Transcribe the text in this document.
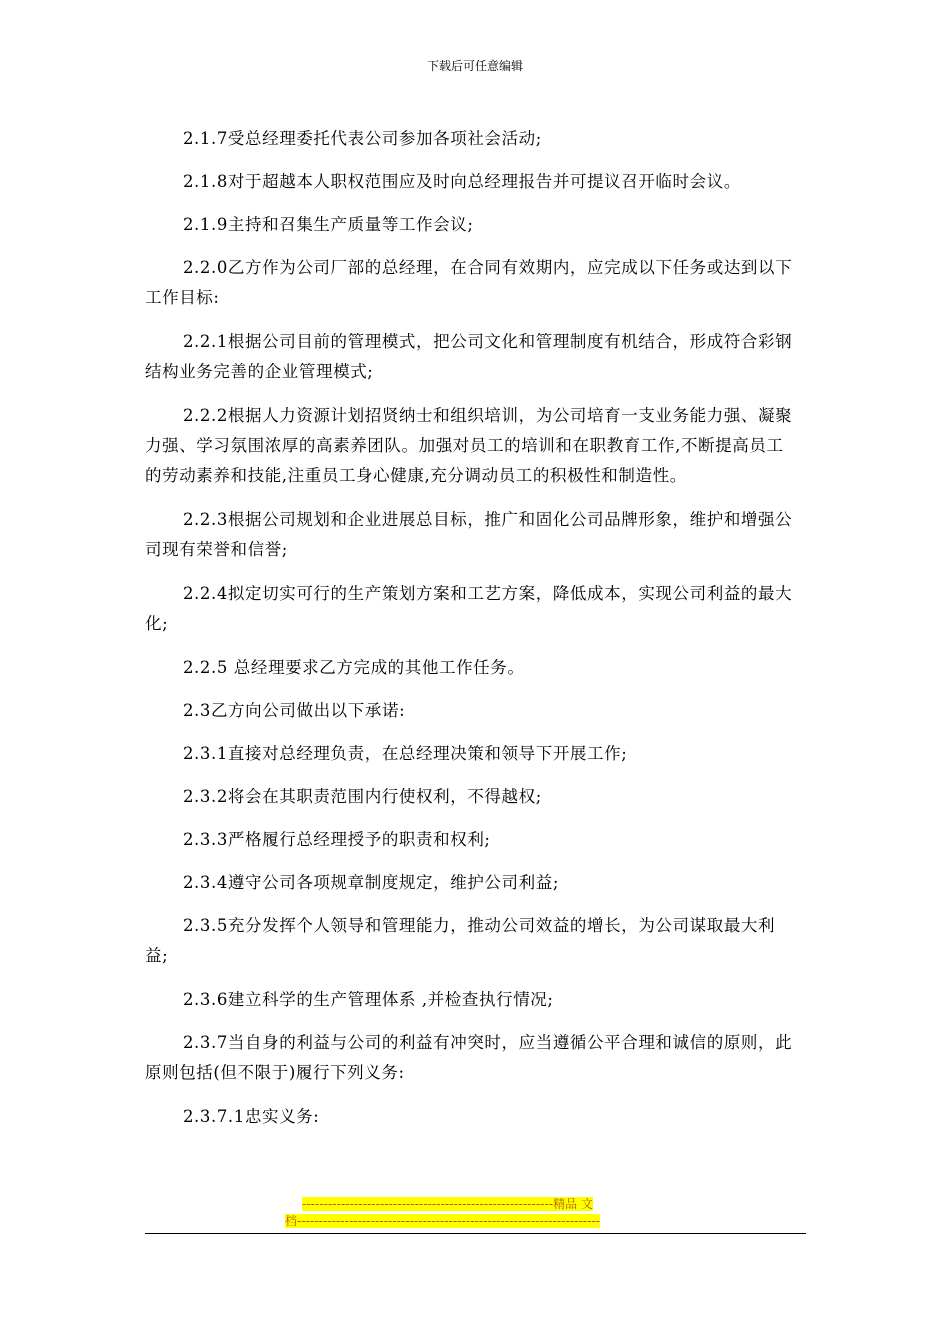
下载后可任意编辑

2.1.7受总经理委托代表公司参加各项社会活动;

2.1.8对于超越本人职权范围应及时向总经理报告并可提议召开临时会议。

2.1.9主持和召集生产质量等工作会议;

2.2.0乙方作为公司厂部的总经理，在合同有效期内，应完成以下任务或达到以下工作目标:

2.2.1根据公司目前的管理模式，把公司文化和管理制度有机结合，形成符合彩钢结构业务完善的企业管理模式;

2.2.2根据人力资源计划招贤纳士和组织培训，为公司培育一支业务能力强、凝聚力强、学习氛围浓厚的高素养团队。加强对员工的培训和在职教育工作,不断提高员工的劳动素养和技能,注重员工身心健康,充分调动员工的积极性和制造性。

2.2.3根据公司规划和企业进展总目标，推广和固化公司品牌形象，维护和增强公司现有荣誉和信誉;

2.2.4拟定切实可行的生产策划方案和工艺方案，降低成本，实现公司利益的最大化;

2.2.5 总经理要求乙方完成的其他工作任务。

2.3乙方向公司做出以下承诺:

2.3.1直接对总经理负责，在总经理决策和领导下开展工作;

2.3.2将会在其职责范围内行使权利，不得越权;

2.3.3严格履行总经理授予的职责和权利;

2.3.4遵守公司各项规章制度规定，维护公司利益;

2.3.5充分发挥个人领导和管理能力，推动公司效益的增长，为公司谋取最大利益;

2.3.6建立科学的生产管理体系 ,并检查执行情况;

2.3.7当自身的利益与公司的利益有冲突时，应当遵循公平合理和诚信的原则，此原则包括(但不限于)履行下列义务:

2.3.7.1忠实义务:

----------------------------------------------------------精品 文
档----------------------------------------------------------------------
